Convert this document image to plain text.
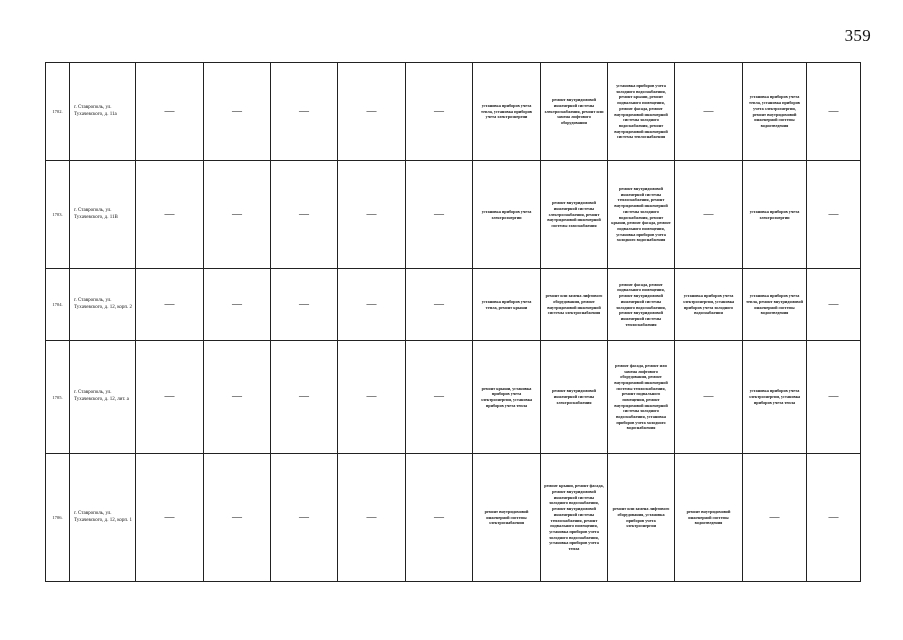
359
1702.	г. Ставрополь, ул. Тухачевского, д. 11а	—	—	—	—	—	установка приборов учета тепла, установка приборов учета электроэнергии	ремонт внутридомовой инженерной системы электроснабжения, ремонт или замена лифтового оборудования	установка приборов учета холодного водоснабжения, ремонт крыши, ремонт подвального помещения, ремонт фасада, ремонт внутридомовой инженерной системы холодного водоснабжения, ремонт внутридомовой инженерной системы теплоснабжения	—	установка приборов учета тепла, установка приборов учета электроэнергии, ремонт внутридомовой инженерной системы водоотведения	—
1703.	г. Ставрополь, ул. Тухачевского, д. 11В	—	—	—	—	—	установка приборов учета электроэнергии	ремонт внутридомовой инженерной системы электроснабжения, ремонт внутридомовой инженерной системы газоснабжения	ремонт внутридомовой инженерной системы теплоснабжения, ремонт внутридомовой инженерной системы холодного водоснабжения, ремонт крыши, ремонт фасада, ремонт подвального помещения, установка приборов учета холодного водоснабжения	—	установка приборов учета электроэнергии	—
1704.	г. Ставрополь, ул. Тухачевского, д. 12, корп. 2	—	—	—	—	—	установка приборов учета тепла, ремонт крыши	ремонт или замена лифтового оборудования, ремонт внутридомовой инженерной системы электроснабжения	ремонт фасада, ремонт подвального помещения, ремонт внутридомовой инженерной системы холодного водоснабжения, ремонт внутридомовой инженерной системы теплоснабжения	установка приборов учета электроэнергии, установка приборов учета холодного водоснабжения	установка приборов учета тепла, ремонт внутридомовой инженерной системы водоотведения	—
1705.	г. Ставрополь, ул. Тухачевского, д. 12, лит. а	—	—	—	—	—	ремонт крыши, установка приборов учета электроэнергии, установка приборов учета тепла	ремонт внутридомовой инженерной системы электроснабжения	ремонт фасада, ремонт или замена лифтового оборудования, ремонт внутридомовой инженерной системы теплоснабжения, ремонт подвального помещения, ремонт внутридомовой инженерной системы холодного водоснабжения, установка приборов учета холодного водоснабжения	—	установка приборов учета электроэнергии, установка приборов учета тепла	—
1706.	г. Ставрополь, ул. Тухачевского, д. 12, корп. 1	—	—	—	—	—	ремонт внутридомовой инженерной системы электроснабжения	ремонт крыши, ремонт фасада, ремонт внутридомовой инженерной системы холодного водоснабжения, ремонт внутридомовой инженерной системы теплоснабжения, ремонт подвального помещения, установка приборов учета холодного водоснабжения, установка приборов учета тепла	ремонт или замена лифтового оборудования, установка приборов учета электроэнергии	ремонт внутридомовой инженерной системы водоотведения	—	—
